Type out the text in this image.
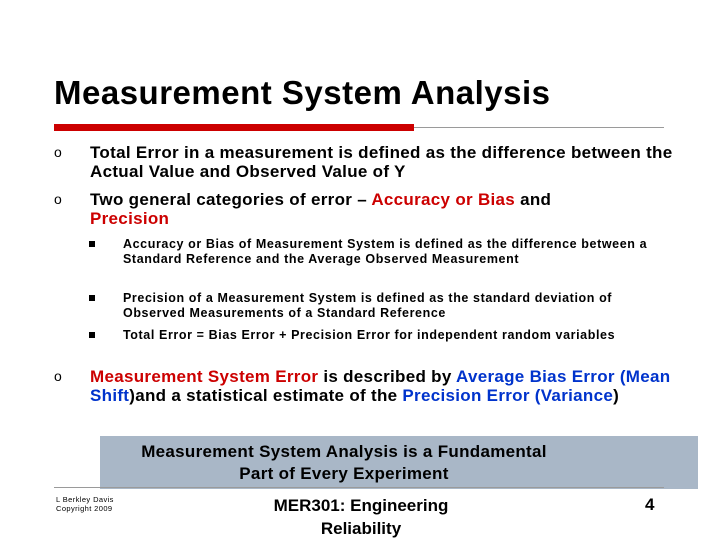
Measurement System Analysis
o Total Error in a measurement is defined as the difference between the Actual Value and Observed Value of Y
o Two general categories of error – Accuracy or Bias and
Precision
Accuracy or Bias of Measurement System is defined as the difference between a Standard Reference and the Average Observed Measurement
Precision of a Measurement System is defined as the standard deviation of Observed Measurements of a Standard Reference
Total Error = Bias Error + Precision Error for independent random variables
o Measurement System Error is described by Average Bias Error (Mean Shift)and a statistical estimate of the Precision Error (Variance)
Measurement System Analysis is a Fundamental
Part of Every Experiment
L Berkley Davis
Copyright 2009	MER301: Engineering
Reliability
4
